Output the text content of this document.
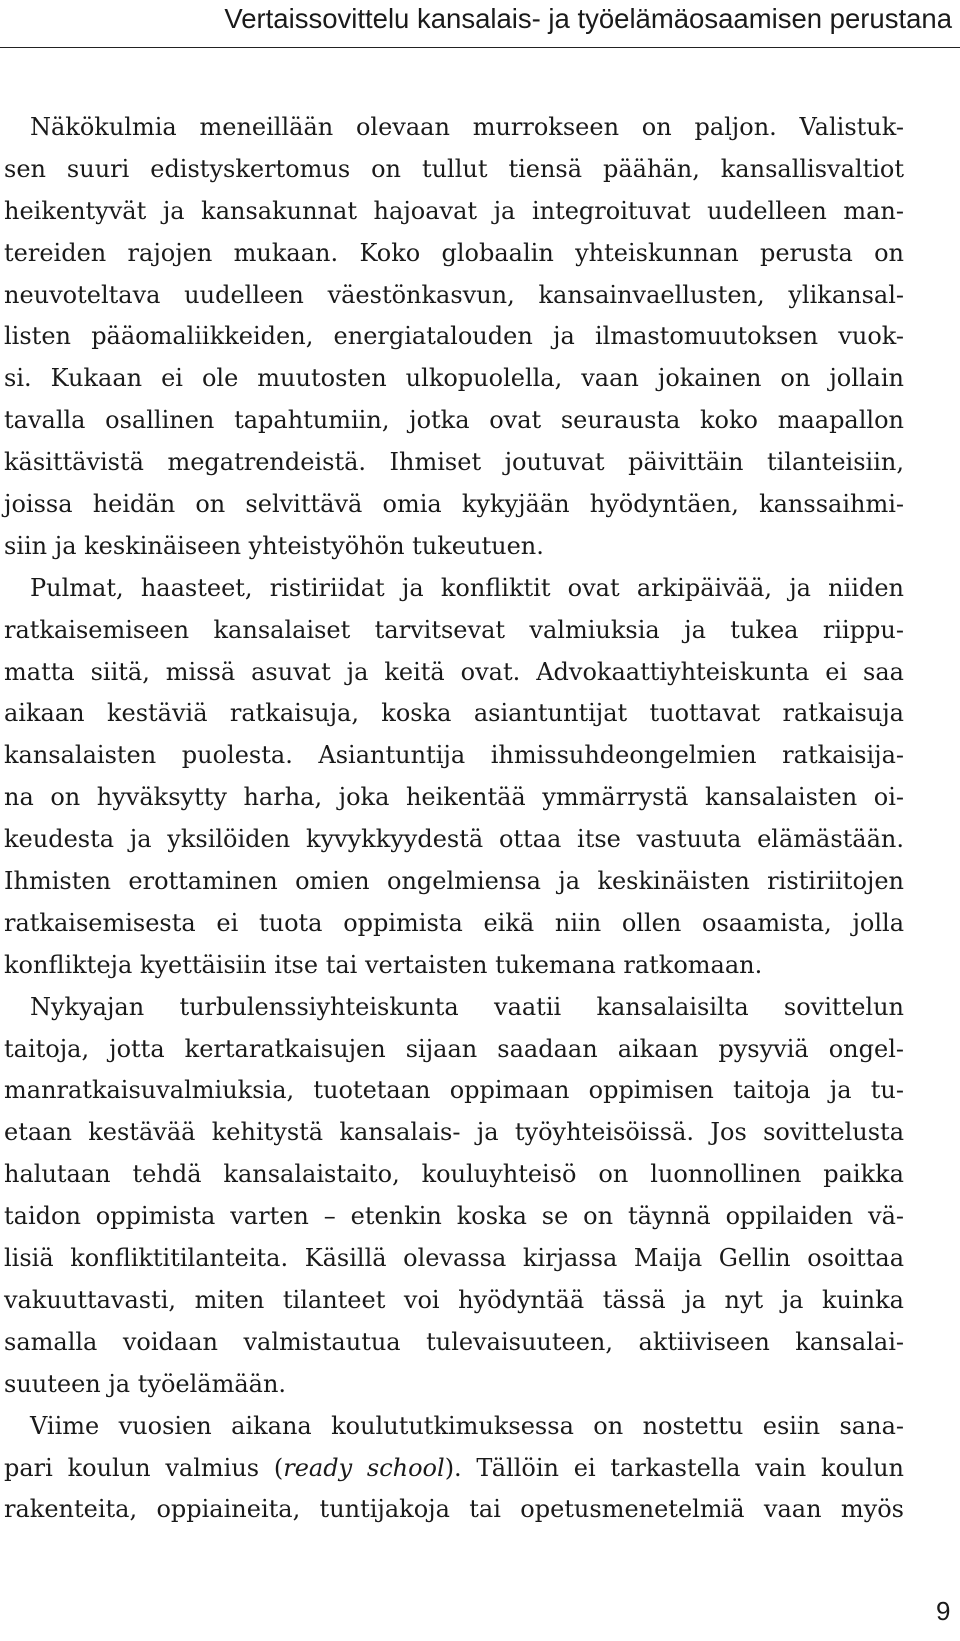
Vertaissovittelu kansalais- ja työelämäosaamisen perustana
Näkökulmia meneillään olevaan murrokseen on paljon. Valistuk-
sen suuri edistyskertomus on tullut tiensä päähän, kansallisvaltiot
heikentyvät ja kansakunnat hajoavat ja integroituvat uudelleen man-
tereiden rajojen mukaan. Koko globaalin yhteiskunnan perusta on
neuvoteltava uudelleen väestönkasvun, kansainvaellusten, ylikansal-
listen pääomaliikkeiden, energiatalouden ja ilmastomuutoksen vuok-
si. Kukaan ei ole muutosten ulkopuolella, vaan jokainen on jollain
tavalla osallinen tapahtumiin, jotka ovat seurausta koko maapallon
käsittävistä megatrendeistä. Ihmiset joutuvat päivittäin tilanteisiin,
joissa heidän on selvittävä omia kykyjään hyödyntäen, kanssaihmi-
siin ja keskinäiseen yhteistyöhön tukeutuen.
Pulmat, haasteet, ristiriidat ja konfliktit ovat arkipäivää, ja niiden
ratkaisemiseen kansalaiset tarvitsevat valmiuksia ja tukea riippu-
matta siitä, missä asuvat ja keitä ovat. Advokaattiyhteiskunta ei saa
aikaan kestäviä ratkaisuja, koska asiantuntijat tuottavat ratkaisuja
kansalaisten puolesta. Asiantuntija ihmissuhdeongelmien ratkaisija-
na on hyväksytty harha, joka heikentää ymmärrystä kansalaisten oi-
keudesta ja yksilöiden kyvykkyydestä ottaa itse vastuuta elämästään.
Ihmisten erottaminen omien ongelmiensa ja keskinäisten ristiriitojen
ratkaisemisesta ei tuota oppimista eikä niin ollen osaamista, jolla
konflikteja kyettäisiin itse tai vertaisten tukemana ratkomaan.
Nykyajan turbulenssiyhteiskunta vaatii kansalaisilta sovittelun
taitoja, jotta kertaratkaisujen sijaan saadaan aikaan pysyviä ongel-
manratkaisuvalmiuksia, tuotetaan oppimaan oppimisen taitoja ja tu-
etaan kestävää kehitystä kansalais- ja työyhteisöissä. Jos sovittelusta
halutaan tehdä kansalaistaito, kouluyhteisö on luonnollinen paikka
taidon oppimista varten – etenkin koska se on täynnä oppilaiden vä-
lisiä konfliktitilanteita. Käsillä olevassa kirjassa Maija Gellin osoittaa
vakuuttavasti, miten tilanteet voi hyödyntää tässä ja nyt ja kuinka
samalla voidaan valmistautua tulevaisuuteen, aktiiviseen kansalai-
suuteen ja työelämään.
Viime vuosien aikana koulututkimuksessa on nostettu esiin sana-
pari koulun valmius (ready school). Tällöin ei tarkastella vain koulun
rakenteita, oppiaineita, tuntijakoja tai opetusmenetelmiä vaan myös
9
